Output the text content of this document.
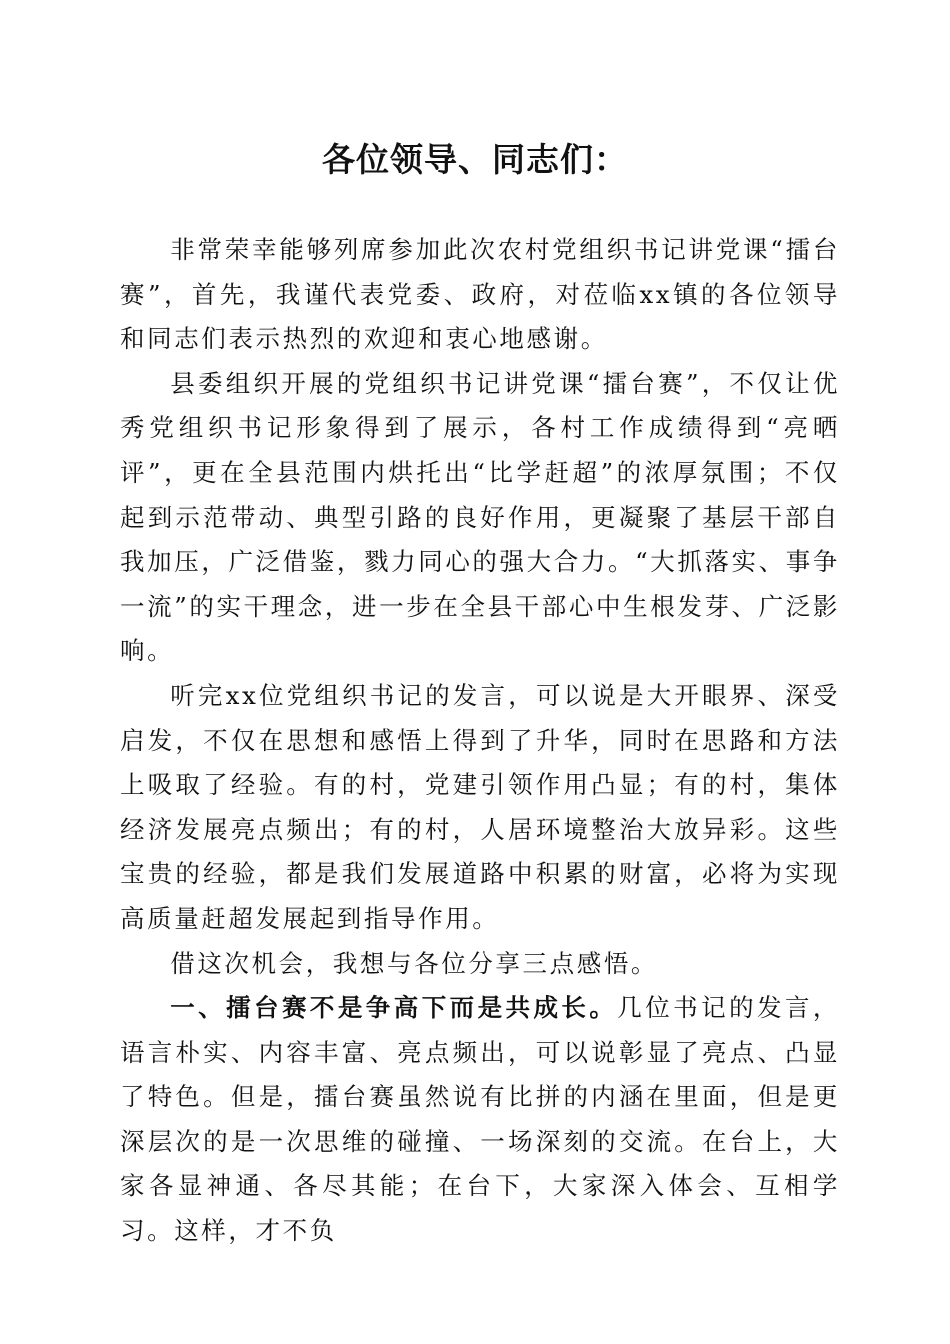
各位领导、同志们：

非常荣幸能够列席参加此次农村党组织书记讲党课“擂台赛”，首先，我谨代表党委、政府，对莅临xx镇的各位领导和同志们表示热烈的欢迎和衷心地感谢。

县委组织开展的党组织书记讲党课“擂台赛”，不仅让优秀党组织书记形象得到了展示，各村工作成绩得到“亮晒评”，更在全县范围内烘托出“比学赶超”的浓厚氛围；不仅起到示范带动、典型引路的良好作用，更凝聚了基层干部自我加压，广泛借鉴，戮力同心的强大合力。“大抓落实、事争一流”的实干理念，进一步在全县干部心中生根发芽、广泛影响。

听完xx位党组织书记的发言，可以说是大开眼界、深受启发，不仅在思想和感悟上得到了升华，同时在思路和方法上吸取了经验。有的村，党建引领作用凸显；有的村，集体经济发展亮点频出；有的村，人居环境整治大放异彩。这些宝贵的经验，都是我们发展道路中积累的财富，必将为实现高质量赶超发展起到指导作用。

借这次机会，我想与各位分享三点感悟。

一、擂台赛不是争高下而是共成长。几位书记的发言，语言朴实、内容丰富、亮点频出，可以说彰显了亮点、凸显了特色。但是，擂台赛虽然说有比拼的内涵在里面，但是更深层次的是一次思维的碰撞、一场深刻的交流。在台上，大家各显神通、各尽其能；在台下，大家深入体会、互相学习。这样，才不负
